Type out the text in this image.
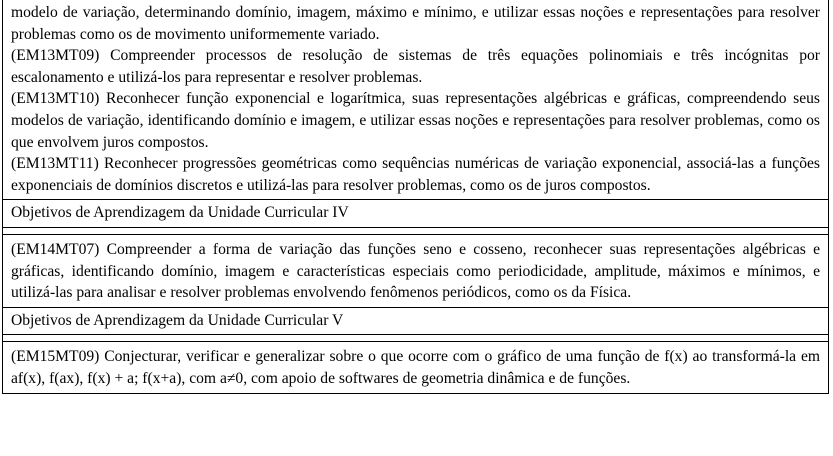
modelo de variação, determinando domínio, imagem, máximo e mínimo, e utilizar essas noções e representações para resolver problemas como os de movimento uniformemente variado.

(EM13MT09) Compreender processos de resolução de sistemas de três equações polinomiais e três incógnitas por escalonamento e utilizá-los para representar e resolver problemas.

(EM13MT10) Reconhecer função exponencial e logarítmica, suas representações algébricas e gráficas, compreendendo seus modelos de variação, identificando domínio e imagem, e utilizar essas noções e representações para resolver problemas, como os que envolvem juros compostos.

(EM13MT11) Reconhecer progressões geométricas como sequências numéricas de variação exponencial, associá-las a funções exponenciais de domínios discretos e utilizá-las para resolver problemas, como os de juros compostos.

Objetivos de Aprendizagem da Unidade Curricular IV

(EM14MT07) Compreender a forma de variação das funções seno e cosseno, reconhecer suas representações algébricas e gráficas, identificando domínio, imagem e características especiais como periodicidade, amplitude, máximos e mínimos, e utilizá-las para analisar e resolver problemas envolvendo fenômenos periódicos, como os da Física.

Objetivos de Aprendizagem da Unidade Curricular V

(EM15MT09) Conjecturar, verificar e generalizar sobre o que ocorre com o gráfico de uma função de f(x) ao transformá-la em af(x), f(ax), f(x) + a; f(x+a), com a≠0, com apoio de softwares de geometria dinâmica e de funções.
